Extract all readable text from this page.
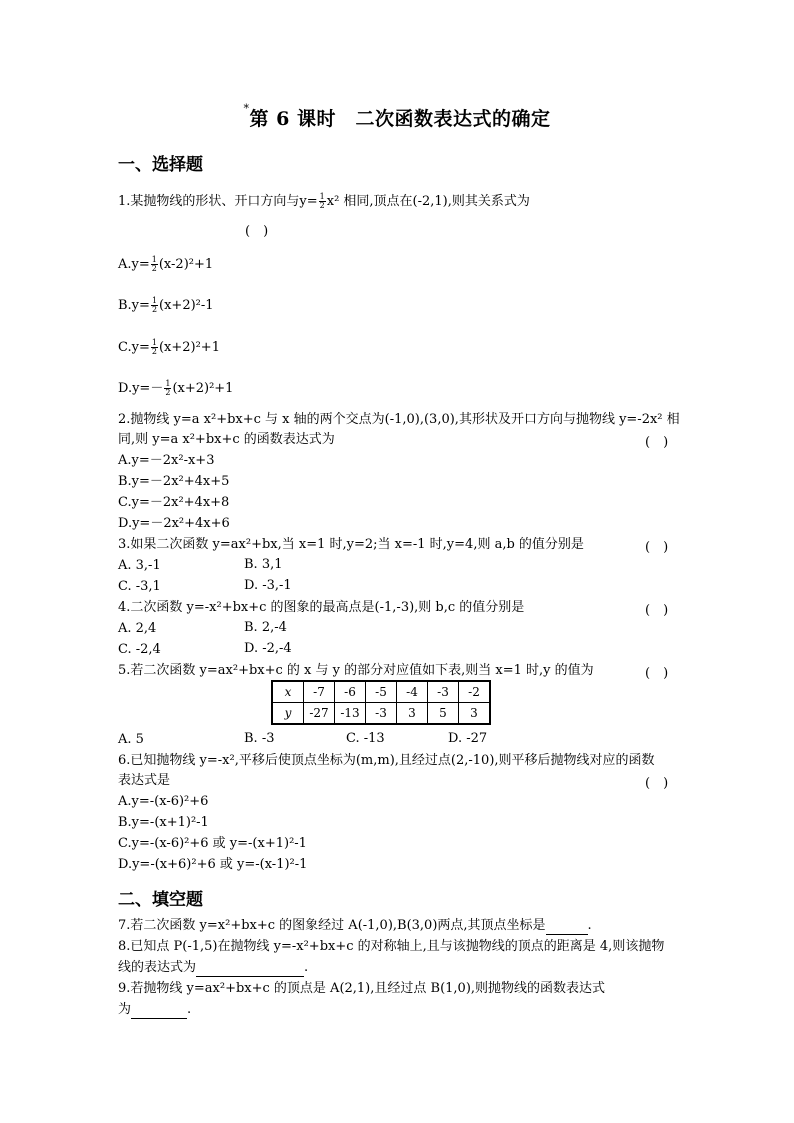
*第 6 课时　二次函数表达式的确定
一、选择题
1.某抛物线的形状、开口方向与$y= \frac{1}{2} x^2$ 相同,顶点在(-2,1),则其关系式为
(　)
$A.y= \frac{1}{2} (x-2)^2+1$
$B.y= \frac{1}{2} (x+2)^2-1$
$C.y= \frac{1}{2} (x+2)^2+1$
$D.y=- \frac{1}{2} (x+2)^2+1$
2.抛物线 y=a x²+bx+c 与 x 轴的两个交点为(-1,0),(3,0),其形状及开口方向与抛物线 y=-2x² 相
同,则 y=a x²+bx+c 的函数表达式为	(　)
A.y=－2x²-x+3
B.y=－2x²+4x+5
C.y=－2x²+4x+8
D.y=－2x²+4x+6
3.如果二次函数 y=ax²+bx,当 x=1 时,y=2;当 x=-1 时,y=4,则 a,b 的值分别是	(　)
A. 3,-1	B. 3,1
C. -3,1	D. -3,-1
4.二次函数 y=-x²+bx+c 的图象的最高点是(-1,-3),则 b,c 的值分别是	(　)
A. 2,4	B. 2,-4
C. -2,4	D. -2,-4
5.若二次函数 y=ax²+bx+c 的 x 与 y 的部分对应值如下表,则当 x=1 时,y 的值为	(　)
x	-7	-6	-5	-4	-3	-2
y	-27	-13	-3	3	5	3
A. 5	B. -3	C. -13	D. -27
6.已知抛物线 y=-x²,平移后使顶点坐标为(m,m),且经过点(2,-10),则平移后抛物线对应的函数
表达式是	(　)
A.y=-(x-6)²+6
B.y=-(x+1)²-1
C.y=-(x-6)²+6 或 y=-(x+1)²-1
D.y=-(x+6)²+6 或 y=-(x-1)²-1
二、填空题
7.若二次函数 y=x²+bx+c 的图象经过 A(-1,0),B(3,0)两点,其顶点坐标是	.
8.已知点 P(-1,5)在抛物线 y=-x²+bx+c 的对称轴上,且与该抛物线的顶点的距离是 4,则该抛物
线的表达式为	.
9.若抛物线 y=ax²+bx+c 的顶点是 A(2,1),且经过点 B(1,0),则抛物线的函数表达式
为	.
